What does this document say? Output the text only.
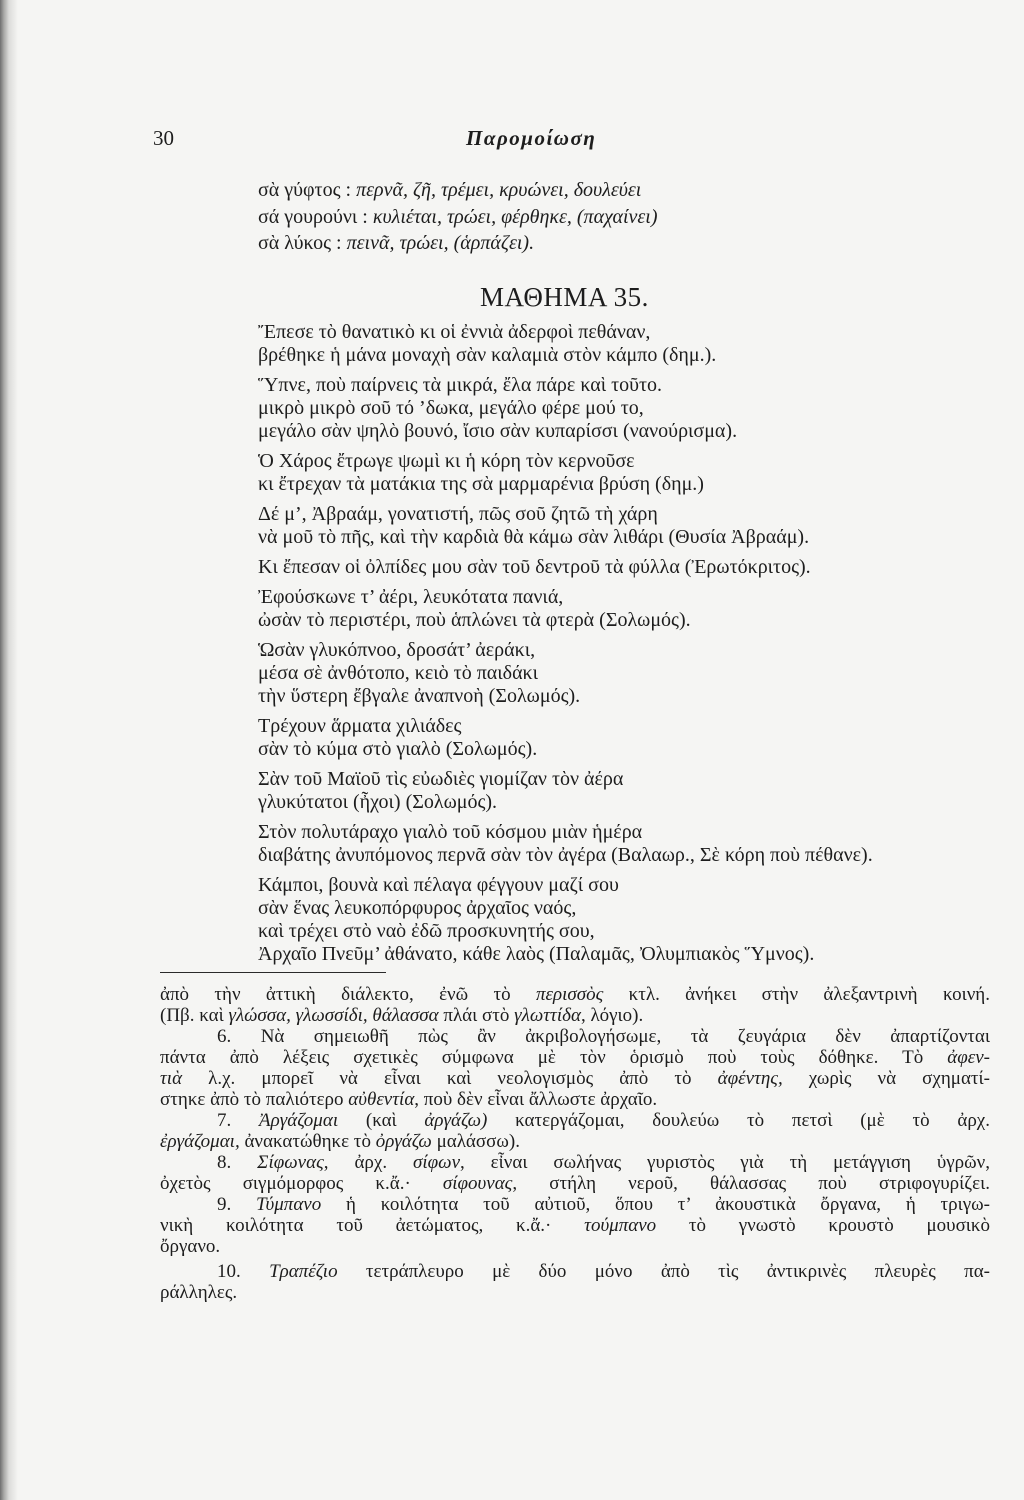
30	Παρομοίωση
σὰ γύφτος : περνᾶ, ζῆ, τρέμει, κρυώνει, δουλεύει
σά γουρούνι : κυλιέται, τρώει, φέρθηκε, (παχαίνει)
σὰ λύκος : πεινᾶ, τρώει, (ἁρπάζει).
ΜΑΘΗΜΑ 35.
Ἔπεσε τὸ θανατικὸ κι οἱ ἐννιὰ ἀδερφοὶ πεθάναν,
βρέθηκε ἡ μάνα μοναχὴ σὰν καλαμιὰ στὸν κάμπο (δημ.).
Ὕπνε, ποὺ παίρνεις τὰ μικρά, ἔλα πάρε καὶ τοῦτο.
μικρὸ μικρὸ σοῦ τό ’δωκα, μεγάλο φέρε μού το,
μεγάλο σὰν ψηλὸ βουνό, ἴσιο σὰν κυπαρίσσι (νανούρισμα).
Ὁ Χάρος ἔτρωγε ψωμὶ κι ἡ κόρη τὸν κερνοῦσε
κι ἔτρεχαν τὰ ματάκια της σὰ μαρμαρένια βρύση (δημ.)
Δέ μ’, Ἀβραάμ, γονατιστή, πῶς σοῦ ζητῶ τὴ χάρη
νὰ μοῦ τὸ πῆς, καὶ τὴν καρδιὰ θὰ κάμω σὰν λιθάρι (Θυσία Ἀβραάμ).
Κι ἔπεσαν οἱ ὀλπίδες μου σὰν τοῦ δεντροῦ τὰ φύλλα (Ἐρωτόκριτος).
Ἐφούσκωνε τ’ ἀέρι, λευκότατα πανιά,
ὠσὰν τὸ περιστέρι, ποὺ ἁπλώνει τὰ φτερὰ (Σολωμός).
Ὡσὰν γλυκόπνοο, δροσάτ’ ἀεράκι,
μέσα σὲ ἀνθότοπο, κειὸ τὸ παιδάκι
τὴν ὕστερη ἔβγαλε ἀναπνοὴ (Σολωμός).
Τρέχουν ἅρματα χιλιάδες
σὰν τὸ κύμα στὸ γιαλὸ (Σολωμός).
Σὰν τοῦ Μαϊοῦ τὶς εὐωδιὲς γιομίζαν τὸν ἀέρα
γλυκύτατοι (ἦχοι) (Σολωμός).
Στὸν πολυτάραχο γιαλὸ τοῦ κόσμου μιὰν ἡμέρα
διαβάτης ἀνυπόμονος περνᾶ σὰν τὸν ἀγέρα (Βαλαωρ., Σὲ κόρη ποὺ πέθανε).
Κάμποι, βουνὰ καὶ πέλαγα φέγγουν μαζί σου
σὰν ἕνας λευκοπόρφυρος ἀρχαῖος ναός,
καὶ τρέχει στὸ ναὸ ἐδῶ προσκυνητής σου,
Ἀρχαῖο Πνεῦμ’ ἀθάνατο, κάθε λαὸς (Παλαμᾶς, Ὀλυμπιακὸς Ὕμνος).
ἀπὸ τὴν ἀττικὴ διάλεκτο, ἐνῶ τὸ περισσὸς κτλ. ἀνήκει στὴν ἀλεξαντρινὴ κοινή.
(Πβ. καὶ γλώσσα, γλωσσίδι, θάλασσα πλάι στὸ γλωττίδα, λόγιο).
6. Νὰ σημειωθῆ πὼς ἂν ἀκριβολογήσωμε, τὰ ζευγάρια δὲν ἀπαρτίζονται
πάντα ἀπὸ λέξεις σχετικὲς σύμφωνα μὲ τὸν ὁρισμὸ ποὺ τοὺς δόθηκε. Τὸ ἀφεν-
τιὰ λ.χ. μπορεῖ νὰ εἶναι καὶ νεολογισμὸς ἀπὸ τὸ ἀφέντης, χωρὶς νὰ σχηματί-
στηκε ἀπὸ τὸ παλιότερο αὐθεντία, ποὺ δὲν εἶναι ἄλλωστε ἀρχαῖο.
7. Ἀργάζομαι (καὶ ἀργάζω) κατεργάζομαι, δουλεύω τὸ πετσὶ (μὲ τὸ ἀρχ.
ἐργάζομαι, ἀνακατώθηκε τὸ ὀργάζω μαλάσσω).
8. Σίφωνας, ἀρχ. σίφων, εἶναι σωλήνας γυριστὸς γιὰ τὴ μετάγγιση ὑγρῶν,
ὀχετὸς σιγμόμορφος κ.ἄ.· σίφουνας, στήλη νεροῦ, θάλασσας ποὺ στριφογυρίζει.
9. Τύμπανο ἡ κοιλότητα τοῦ αὐτιοῦ, ὅπου τ’ ἀκουστικὰ ὄργανα, ἡ τριγω-
νικὴ κοιλότητα τοῦ ἀετώματος, κ.ἄ.· τούμπανο τὸ γνωστὸ κρουστὸ μουσικὸ
ὄργανο.
10. Τραπέζιο τετράπλευρο μὲ δύο μόνο ἀπὸ τὶς ἀντικρινὲς πλευρὲς πα-
ράλληλες.
